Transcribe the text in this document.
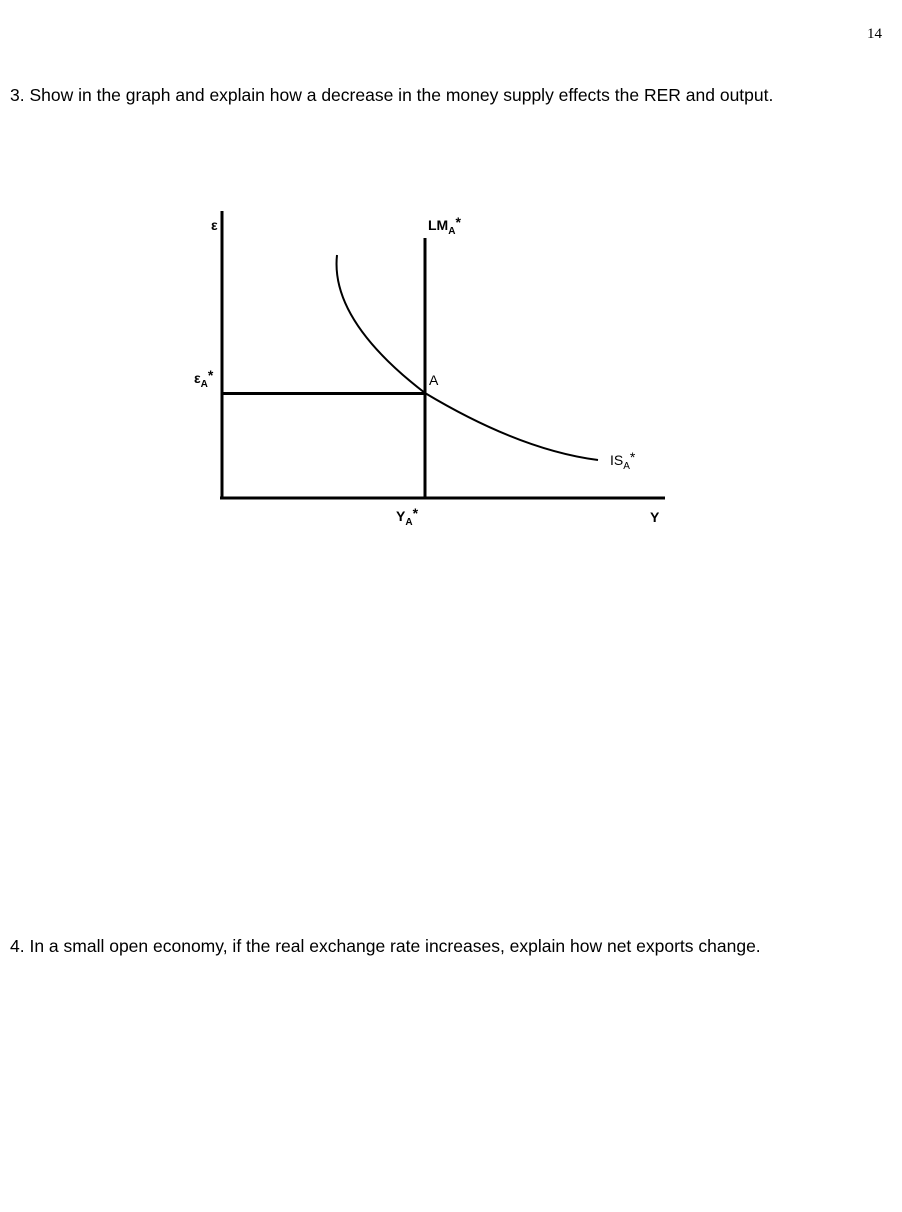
14
3. Show in the graph and explain how a decrease in the money supply effects the RER and output.
ε	$LM_A*$
$\varepsilon_A*$	A
$IS_A*$
$Y_A*$	Y
4. In a small open economy, if the real exchange rate increases, explain how net exports change.
